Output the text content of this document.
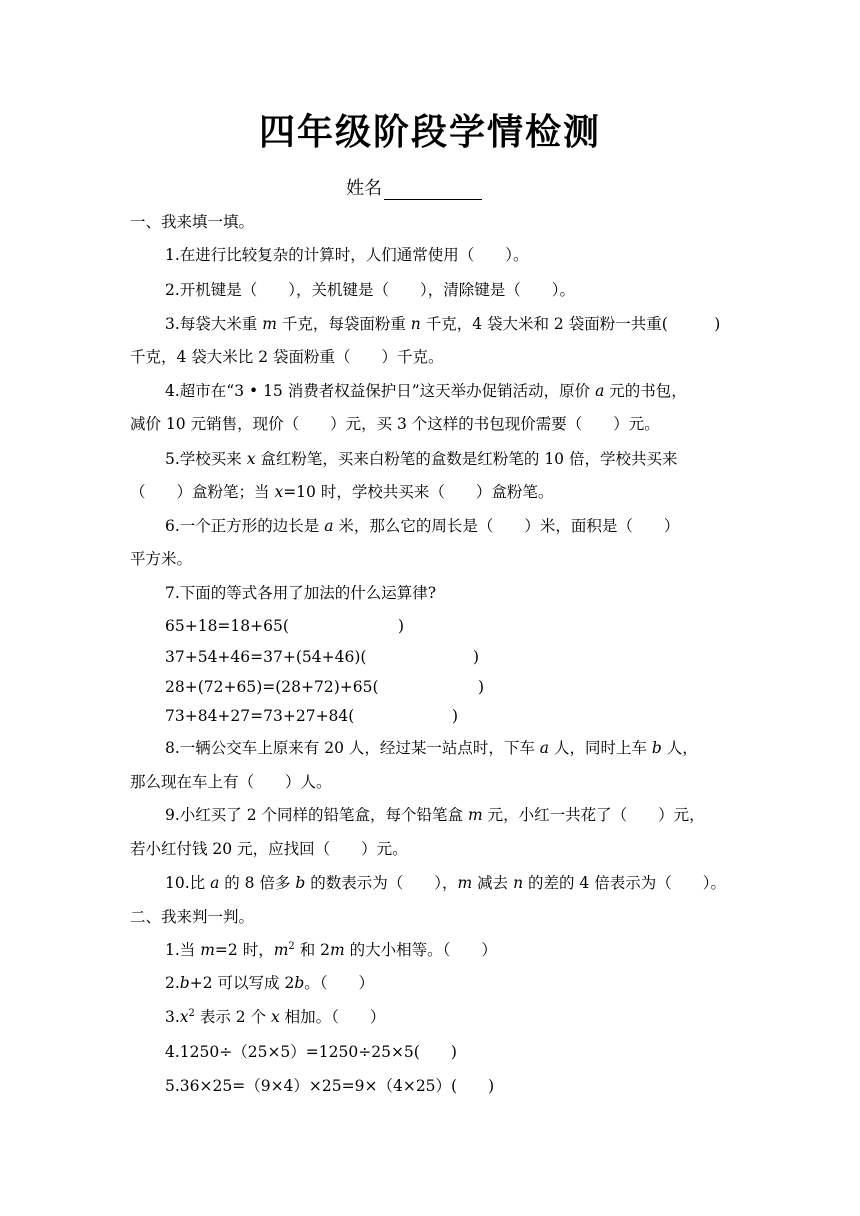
四年级阶段学情检测
姓名
一、我来填一填。
1.在进行比较复杂的计算时，人们通常使用（　　）。
2.开机键是（　　），关机键是（　　），清除键是（　　）。
3.每袋大米重 m 千克，每袋面粉重 n 千克，4 袋大米和 2 袋面粉一共重(　　　)
千克，4 袋大米比 2 袋面粉重（　　）千克。
4.超市在“3 • 15 消费者权益保护日”这天举办促销活动，原价 a 元的书包，
减价 10 元销售，现价（　　）元，买 3 个这样的书包现价需要（　　）元。
5.学校买来 x 盒红粉笔，买来白粉笔的盒数是红粉笔的 10 倍，学校共买来
（　　）盒粉笔；当 x=10 时，学校共买来（　　）盒粉笔。
6.一个正方形的边长是 a 米，那么它的周长是（　　）米，面积是（　　）
平方米。
7.下面的等式各用了加法的什么运算律?
65+18=18+65(	)
37+54+46=37+(54+46)(	)
28+(72+65)=(28+72)+65(	)
73+84+27=73+27+84(	)
8.一辆公交车上原来有 20 人，经过某一站点时，下车 a 人，同时上车 b 人，
那么现在车上有（　　）人。
9.小红买了 2 个同样的铅笔盒，每个铅笔盒 m 元，小红一共花了（　　）元，
若小红付钱 20 元，应找回（　　）元。
10.比 a 的 8 倍多 b 的数表示为（　　），m 减去 n 的差的 4 倍表示为（　　）。
二、我来判一判。
1.当 m=2 时，$m^2$ 和 2m 的大小相等。（　　）
2.b+2 可以写成 2b。（　　）
$3.x^2$ 表示 2 个 x 相加。（　　）
4.1250÷（25×5）=1250÷25×5(　　)
5.36×25=（9×4）×25=9×（4×25）(　　)
